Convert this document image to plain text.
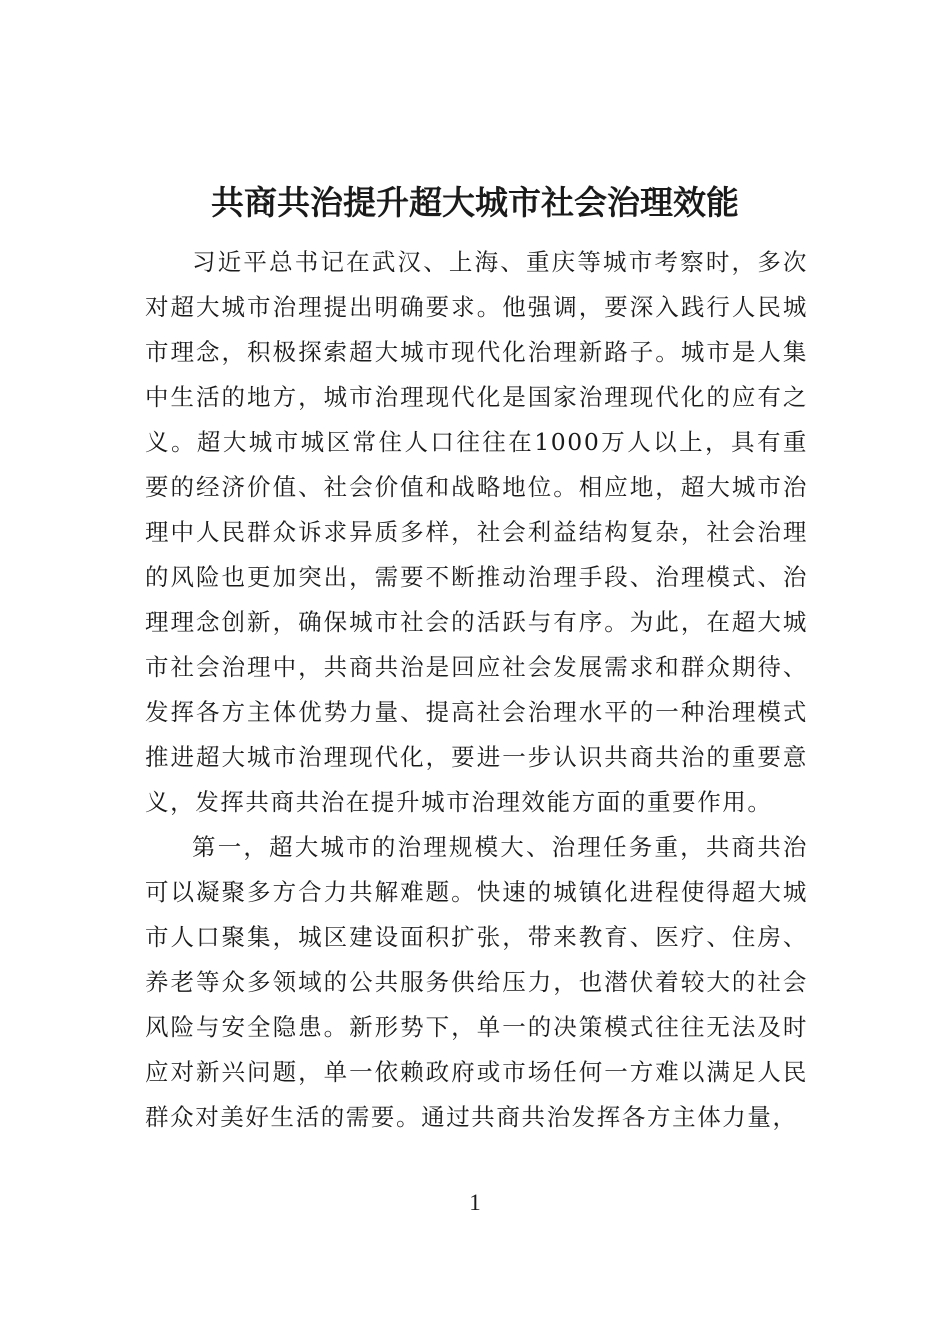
共商共治提升超大城市社会治理效能

习近平总书记在武汉、上海、重庆等城市考察时，多次对超大城市治理提出明确要求。他强调，要深入践行人民城市理念，积极探索超大城市现代化治理新路子。城市是人集中生活的地方，城市治理现代化是国家治理现代化的应有之义。超大城市城区常住人口往往在1000万人以上，具有重要的经济价值、社会价值和战略地位。相应地，超大城市治理中人民群众诉求异质多样，社会利益结构复杂，社会治理的风险也更加突出，需要不断推动治理手段、治理模式、治理理念创新，确保城市社会的活跃与有序。为此，在超大城市社会治理中，共商共治是回应社会发展需求和群众期待、发挥各方主体优势力量、提高社会治理水平的一种治理模式推进超大城市治理现代化，要进一步认识共商共治的重要意义，发挥共商共治在提升城市治理效能方面的重要作用。

第一，超大城市的治理规模大、治理任务重，共商共治可以凝聚多方合力共解难题。快速的城镇化进程使得超大城市人口聚集，城区建设面积扩张，带来教育、医疗、住房、养老等众多领域的公共服务供给压力，也潜伏着较大的社会风险与安全隐患。新形势下，单一的决策模式往往无法及时应对新兴问题，单一依赖政府或市场任何一方难以满足人民群众对美好生活的需要。通过共商共治发挥各方主体力量，

1
